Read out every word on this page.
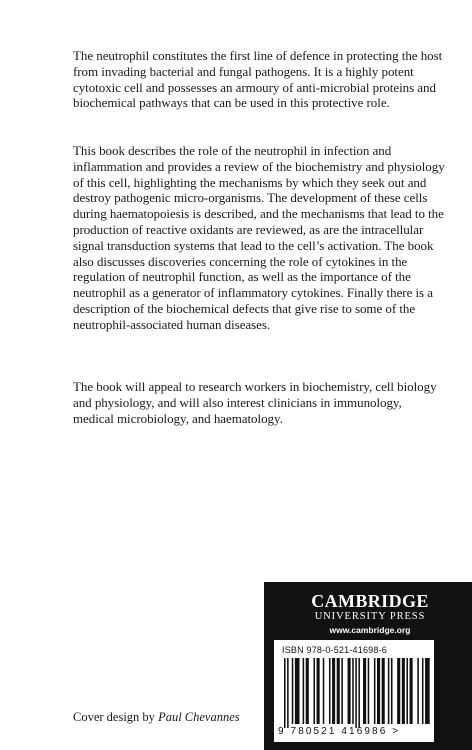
The neutrophil constitutes the first line of defence in protecting the host from invading bacterial and fungal pathogens. It is a highly potent cytotoxic cell and possesses an armoury of anti-microbial proteins and biochemical pathways that can be used in this protective role.

This book describes the role of the neutrophil in infection and inflammation and provides a review of the biochemistry and physiology of this cell, highlighting the mechanisms by which they seek out and destroy pathogenic micro-organisms. The development of these cells during haematopoiesis is described, and the mechanisms that lead to the production of reactive oxidants are reviewed, as are the intracellular signal transduction systems that lead to the cell’s activation. The book also discusses discoveries concerning the role of cytokines in the regulation of neutrophil function, as well as the importance of the neutrophil as a generator of inflammatory cytokines. Finally there is a description of the biochemical defects that give rise to some of the neutrophil-associated human diseases.

The book will appeal to research workers in biochemistry, cell biology and physiology, and will also interest clinicians in immunology, medical microbiology, and haematology.

CAMBRIDGE
UNIVERSITY PRESS
www.cambridge.org
ISBN 978-0-521-41698-6
9 780521 416986 >
Cover design by Paul Chevannes
